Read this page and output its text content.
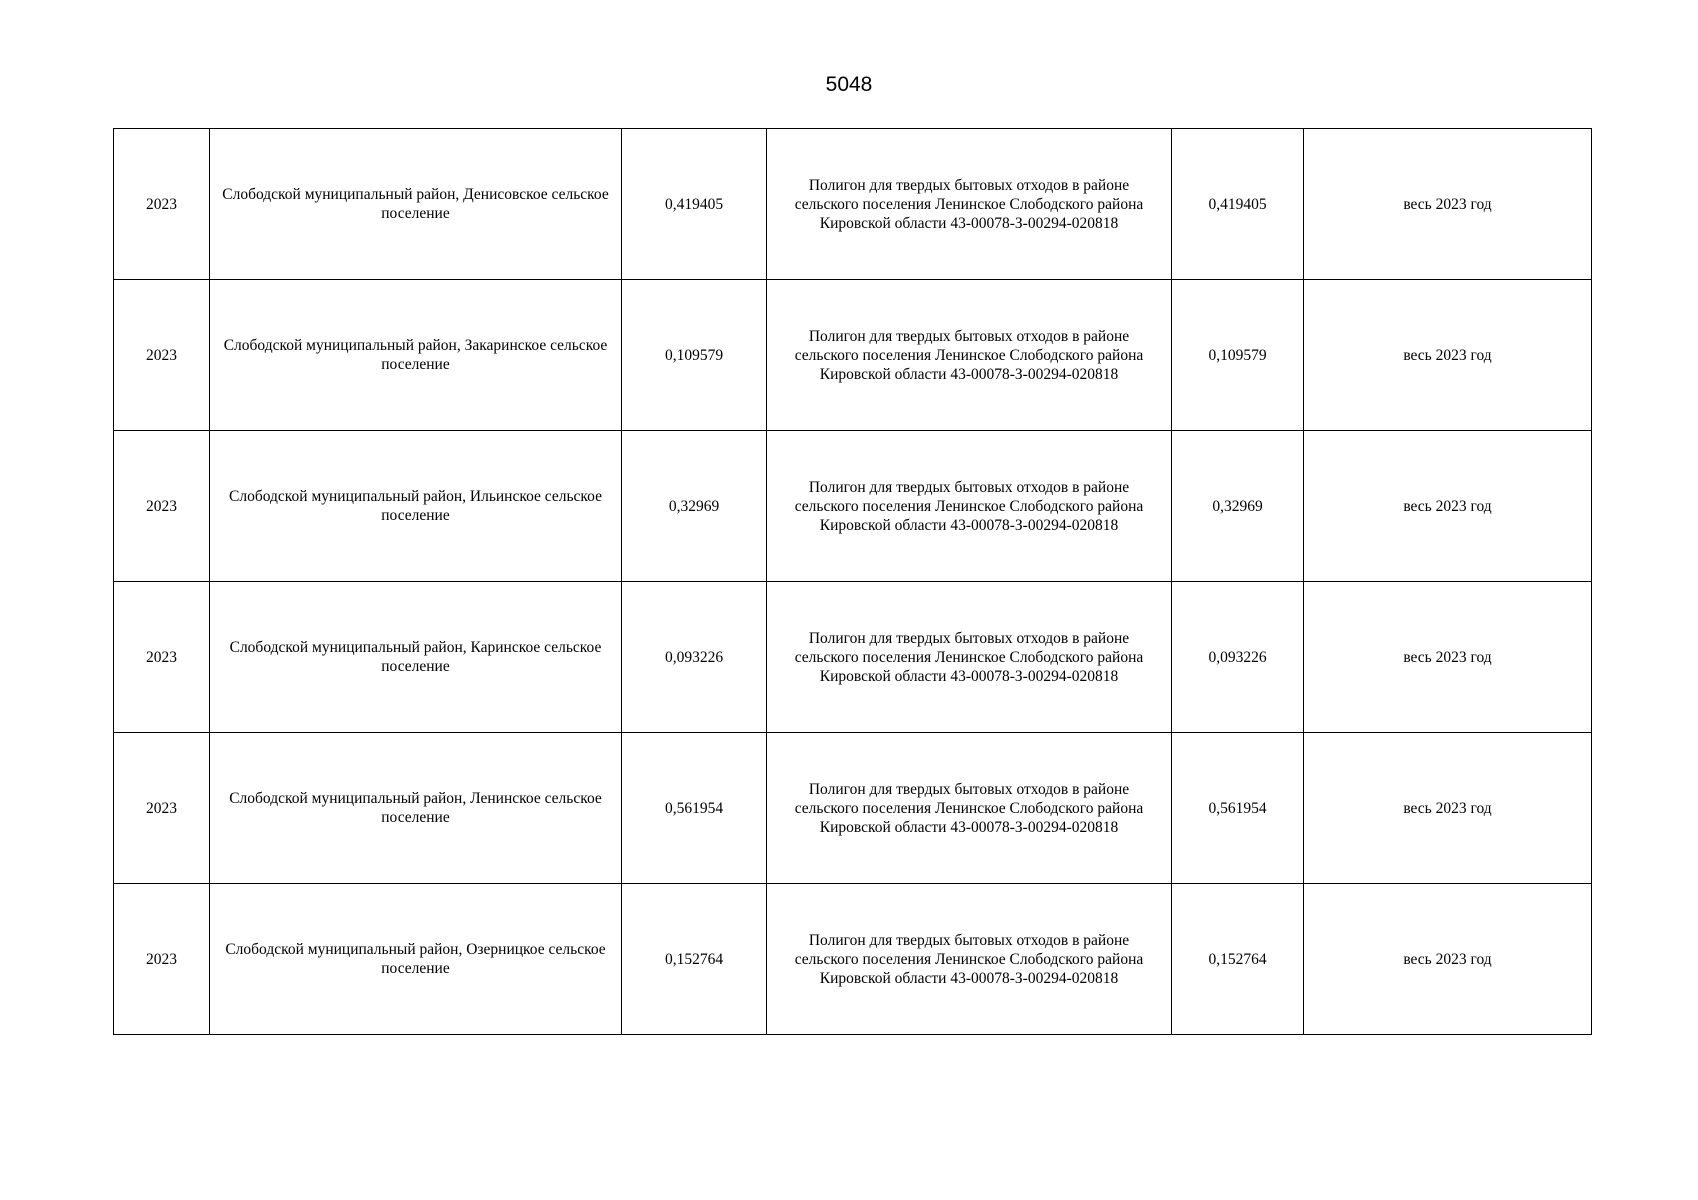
5048
2023	Слободской муниципальный район, Денисовское сельское поселение	0,419405	Полигон для твердых бытовых отходов в районе сельского поселения Ленинское Слободского района Кировской области 43-00078-З-00294-020818	0,419405	весь 2023 год
2023	Слободской муниципальный район, Закаринское сельское поселение	0,109579	Полигон для твердых бытовых отходов в районе сельского поселения Ленинское Слободского района Кировской области 43-00078-З-00294-020818	0,109579	весь 2023 год
2023	Слободской муниципальный район, Ильинское сельское поселение	0,32969	Полигон для твердых бытовых отходов в районе сельского поселения Ленинское Слободского района Кировской области 43-00078-З-00294-020818	0,32969	весь 2023 год
2023	Слободской муниципальный район, Каринское сельское поселение	0,093226	Полигон для твердых бытовых отходов в районе сельского поселения Ленинское Слободского района Кировской области 43-00078-З-00294-020818	0,093226	весь 2023 год
2023	Слободской муниципальный район, Ленинское сельское поселение	0,561954	Полигон для твердых бытовых отходов в районе сельского поселения Ленинское Слободского района Кировской области 43-00078-З-00294-020818	0,561954	весь 2023 год
2023	Слободской муниципальный район, Озерницкое сельское поселение	0,152764	Полигон для твердых бытовых отходов в районе сельского поселения Ленинское Слободского района Кировской области 43-00078-З-00294-020818	0,152764	весь 2023 год
